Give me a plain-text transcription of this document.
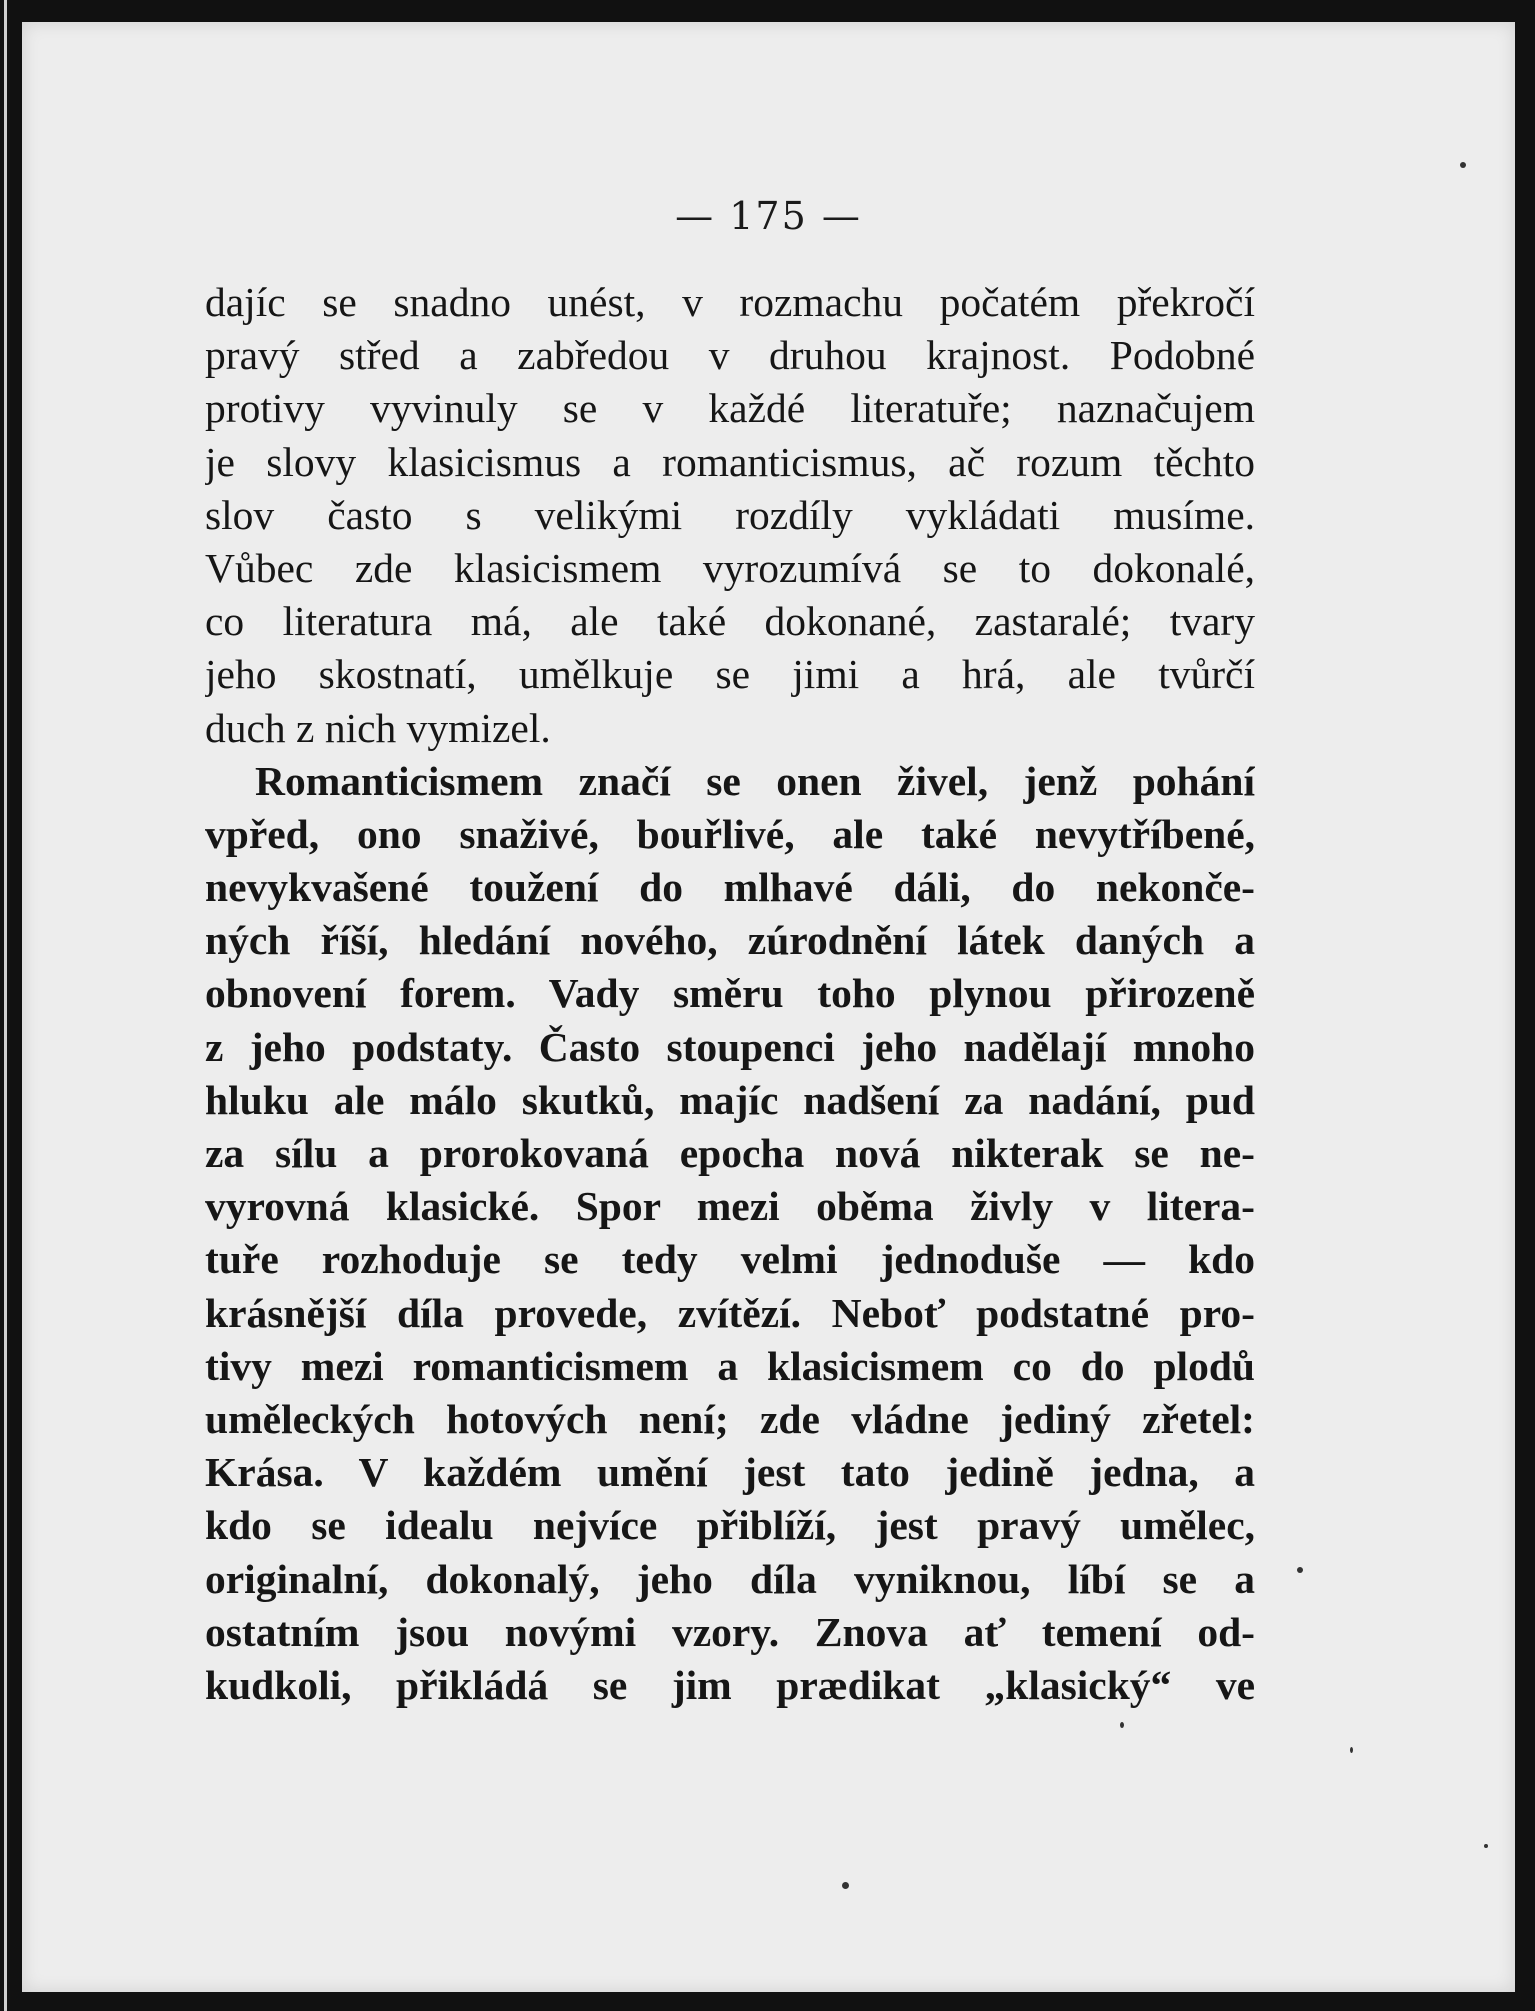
— 175 —
dajíc se snadno unést, v rozmachu počatém překročí
pravý střed a zabředou v druhou krajnost. Podobné
protivy vyvinuly se v každé literatuře; naznačujem
je slovy klasicismus a romanticismus, ač rozum těchto
slov často s velikými rozdíly vykládati musíme.
Vůbec zde klasicismem vyrozumívá se to dokonalé,
co literatura má, ale také dokonané, zastaralé; tvary
jeho skostnatí, umělkuje se jimi a hrá, ale tvůrčí
duch z nich vymizel.
Romanticismem značí se onen živel, jenž pohání
vpřed, ono snaživé, bouřlivé, ale také nevytříbené,
nevykvašené toužení do mlhavé dáli, do nekonče-
ných říší, hledání nového, zúrodnění látek daných a
obnovení forem. Vady směru toho plynou přirozeně
z jeho podstaty. Často stoupenci jeho nadělají mnoho
hluku ale málo skutků, majíc nadšení za nadání, pud
za sílu a prorokovaná epocha nová nikterak se ne-
vyrovná klasické. Spor mezi oběma živly v litera-
tuře rozhoduje se tedy velmi jednoduše — kdo
krásnější díla provede, zvítězí. Neboť podstatné pro-
tivy mezi romanticismem a klasicismem co do plodů
uměleckých hotových není; zde vládne jediný zřetel:
Krása. V každém umění jest tato jedině jedna, a
kdo se idealu nejvíce přiblíží, jest pravý umělec,
originalní, dokonalý, jeho díla vyniknou, líbí se a
ostatním jsou novými vzory. Znova ať temení od-
kudkoli, přikládá se jim prædikat „klasický“ ve
